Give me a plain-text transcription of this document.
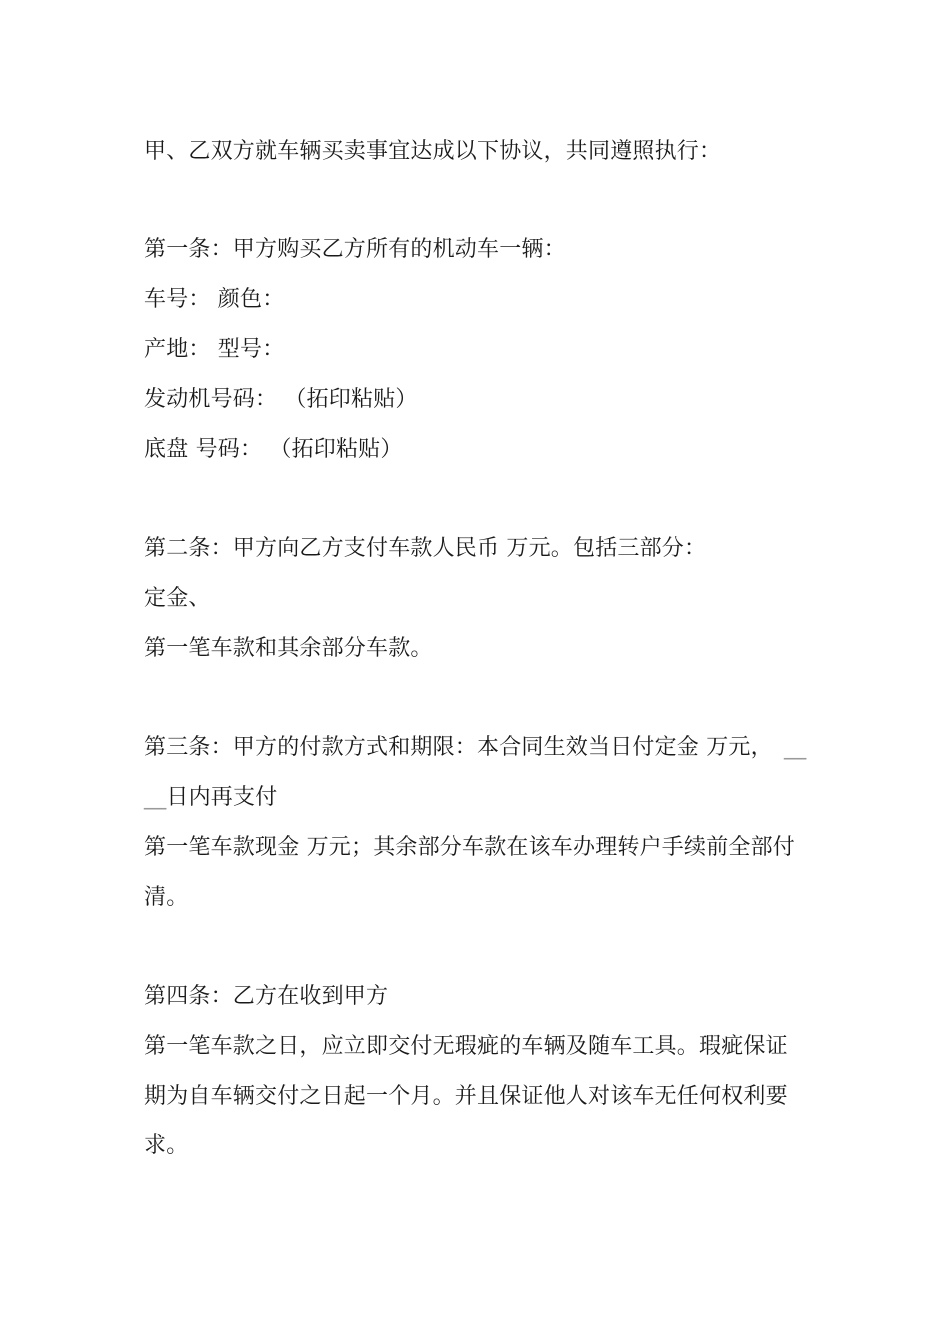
甲、乙双方就车辆买卖事宜达成以下协议，共同遵照执行：
第一条：甲方购买乙方所有的机动车一辆：
车号： 颜色：
产地： 型号：
发动机号码： （拓印粘贴）
底盘 号码： （拓印粘贴）
第二条：甲方向乙方支付车款人民币 万元。包括三部分：
定金、
第一笔车款和其余部分车款。
第三条：甲方的付款方式和期限：本合同生效当日付定金 万元， __
__日内再支付
第一笔车款现金 万元；其余部分车款在该车办理转户手续前全部付
清。
第四条：乙方在收到甲方
第一笔车款之日，应立即交付无瑕疵的车辆及随车工具。瑕疵保证
期为自车辆交付之日起一个月。并且保证他人对该车无任何权利要
求。
